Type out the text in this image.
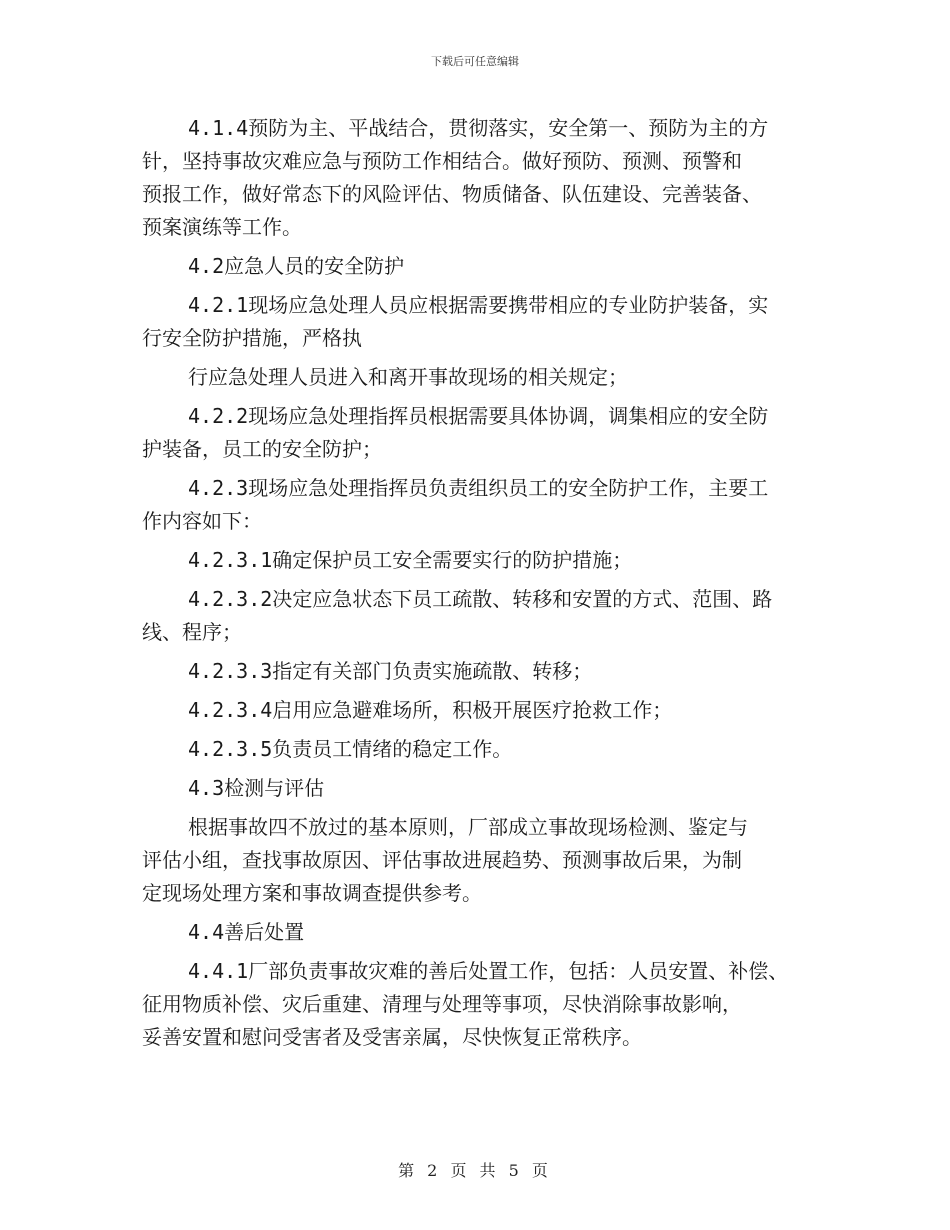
下载后可任意编辑
4.1.4预防为主、平战结合，贯彻落实，安全第一、预防为主的方
针，坚持事故灾难应急与预防工作相结合。做好预防、预测、预警和
预报工作，做好常态下的风险评估、物质储备、队伍建设、完善装备、
预案演练等工作。
4.2应急人员的安全防护
4.2.1现场应急处理人员应根据需要携带相应的专业防护装备，实
行安全防护措施，严格执
行应急处理人员进入和离开事故现场的相关规定；
4.2.2现场应急处理指挥员根据需要具体协调，调集相应的安全防
护装备，员工的安全防护；
4.2.3现场应急处理指挥员负责组织员工的安全防护工作，主要工
作内容如下：
4.2.3.1确定保护员工安全需要实行的防护措施；
4.2.3.2决定应急状态下员工疏散、转移和安置的方式、范围、路
线、程序；
4.2.3.3指定有关部门负责实施疏散、转移；
4.2.3.4启用应急避难场所，积极开展医疗抢救工作；
4.2.3.5负责员工情绪的稳定工作。
4.3检测与评估
根据事故四不放过的基本原则，厂部成立事故现场检测、鉴定与
评估小组，查找事故原因、评估事故进展趋势、预测事故后果，为制
定现场处理方案和事故调查提供参考。
4.4善后处置
4.4.1厂部负责事故灾难的善后处置工作，包括：人员安置、补偿、
征用物质补偿、灾后重建、清理与处理等事项，尽快消除事故影响，
妥善安置和慰问受害者及受害亲属，尽快恢复正常秩序。
第 2 页 共 5 页
